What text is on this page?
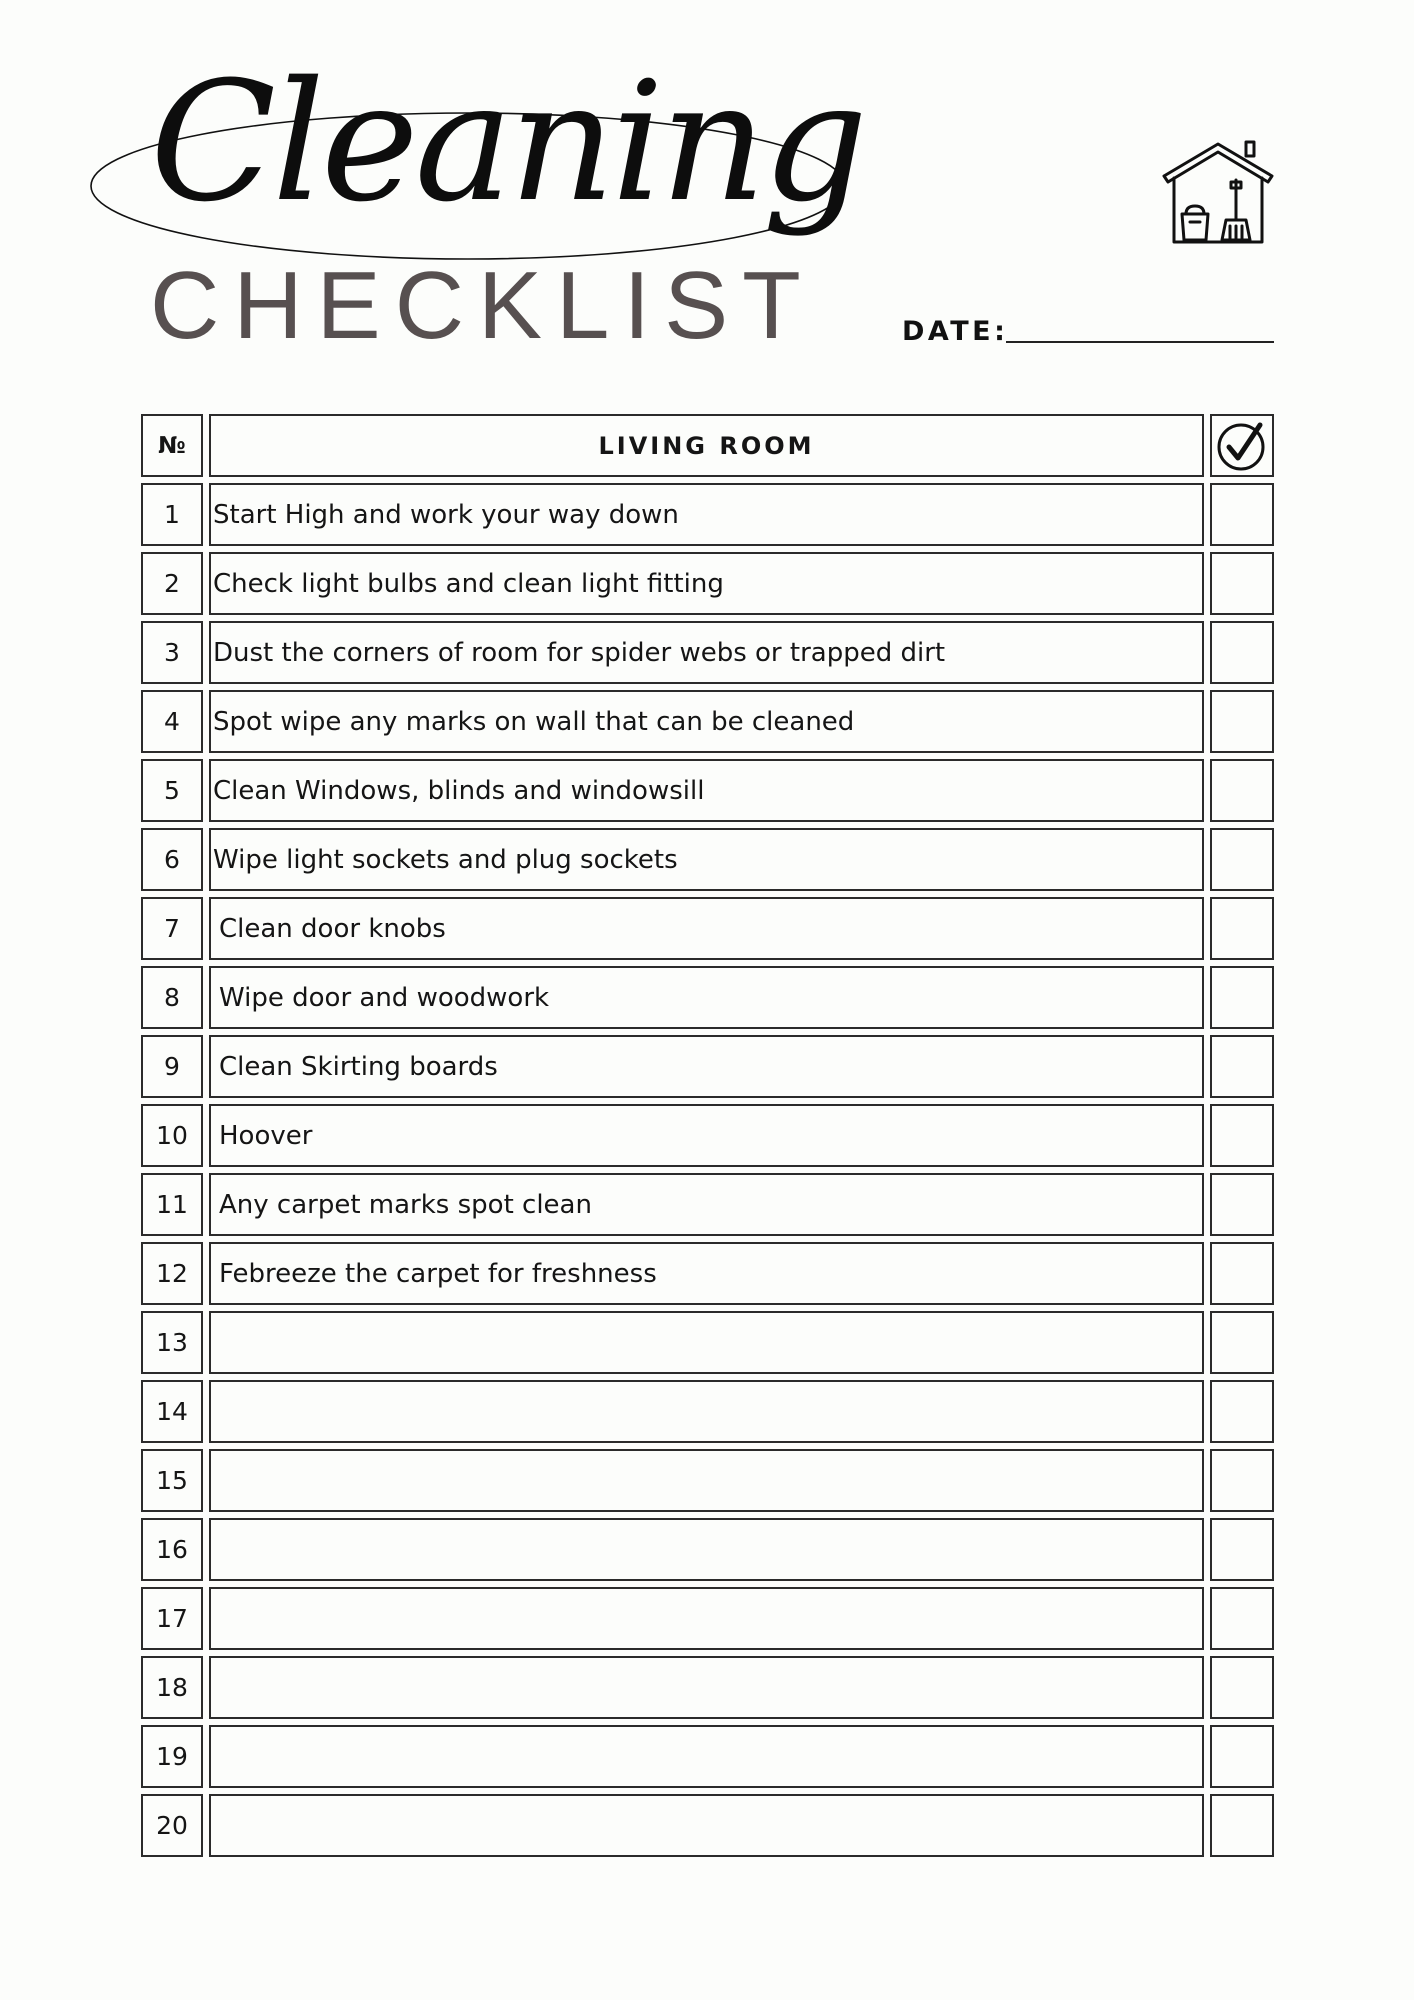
Cleaning
CHECKLIST	DATE:
№	LIVING ROOM
1	Start High and work your way down
2	Check light bulbs and clean light fitting
3	Dust the corners of room for spider webs or trapped dirt
4	Spot wipe any marks on wall that can be cleaned
5	Clean Windows, blinds and windowsill
6	Wipe light sockets and plug sockets
7	Clean door knobs
8	Wipe door and woodwork
9	Clean Skirting boards
10	Hoover
11	Any carpet marks spot clean
12	Febreeze the carpet for freshness
13
14
15
16
17
18
19
20
